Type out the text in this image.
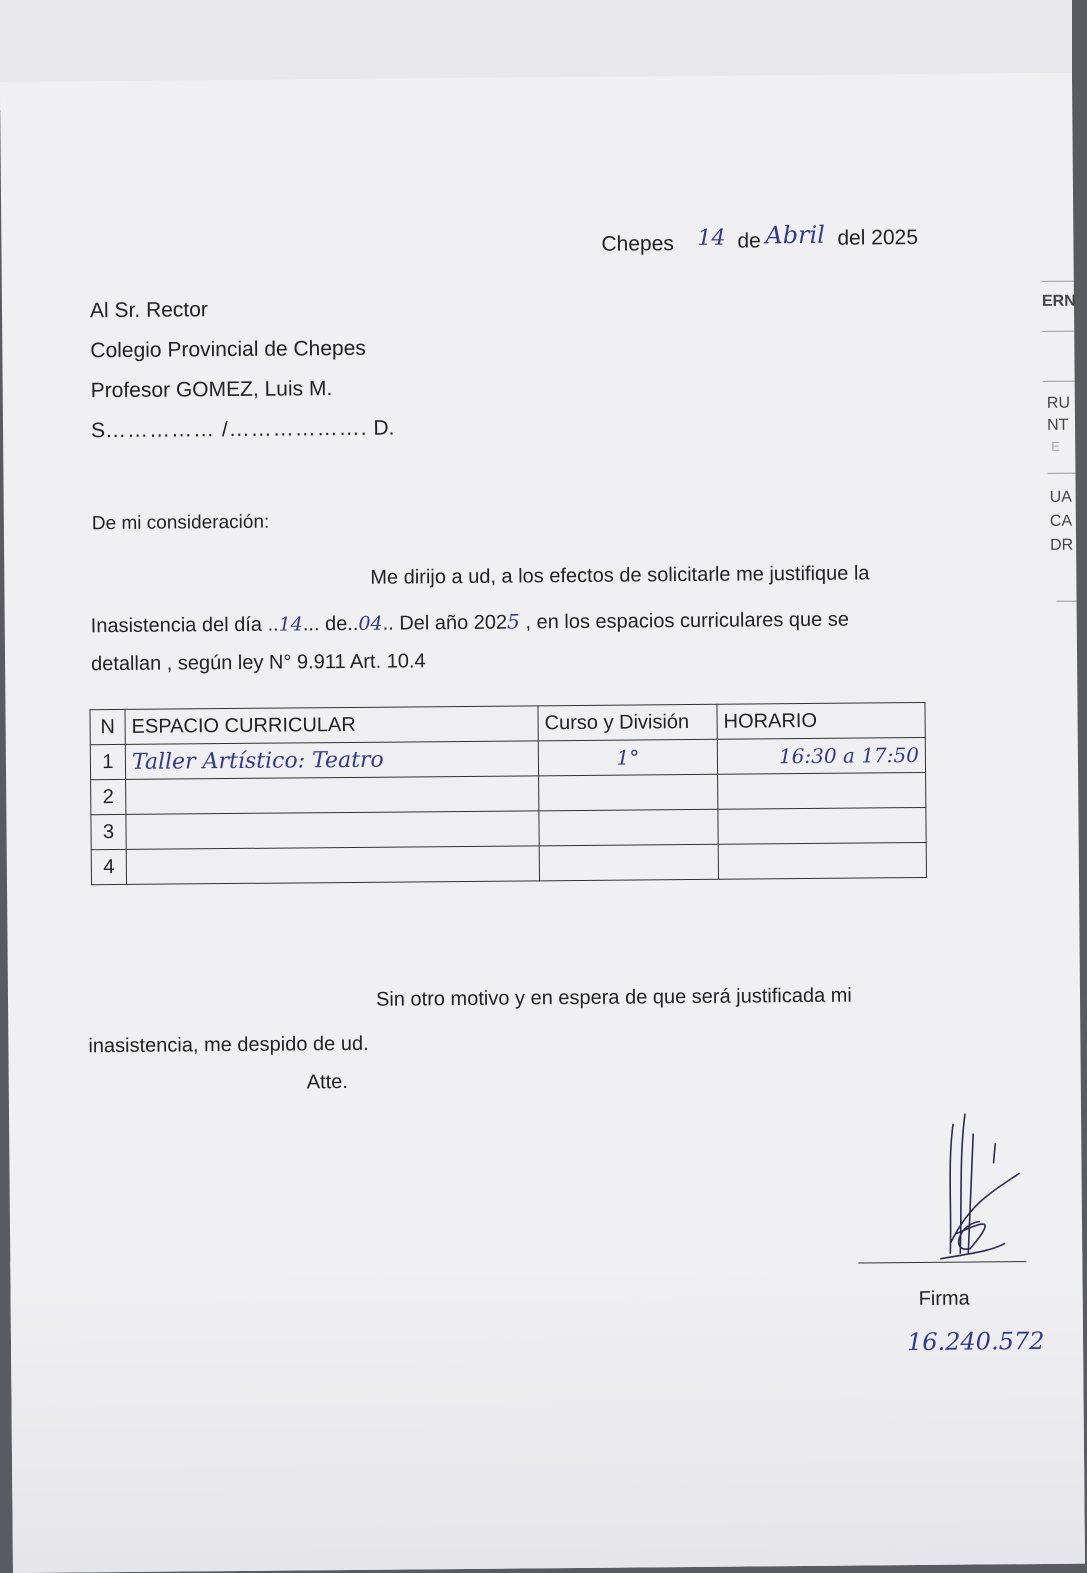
Chepes 14 de Abril del 2025
Al Sr. Rector
Colegio Provincial de Chepes
Profesor GOMEZ, Luis M.
S…………… /………………. D.
De mi consideración:
Me dirijo a ud, a los efectos de solicitarle me justifique la
Inasistencia del día ..14... de..04.. Del año 2025 , en los espacios curriculares que se
detallan , según ley N° 9.911 Art. 10.4
N	ESPACIO CURRICULAR	Curso y División	HORARIO
1	Taller Artístico: Teatro	1°	16:30 a 17:50
2			
3			
4			
Sin otro motivo y en espera de que será justificada mi
inasistencia, me despido de ud.
Atte.
Firma
16.240.572
ERN
RU
NT
E
UA
CA
DR
